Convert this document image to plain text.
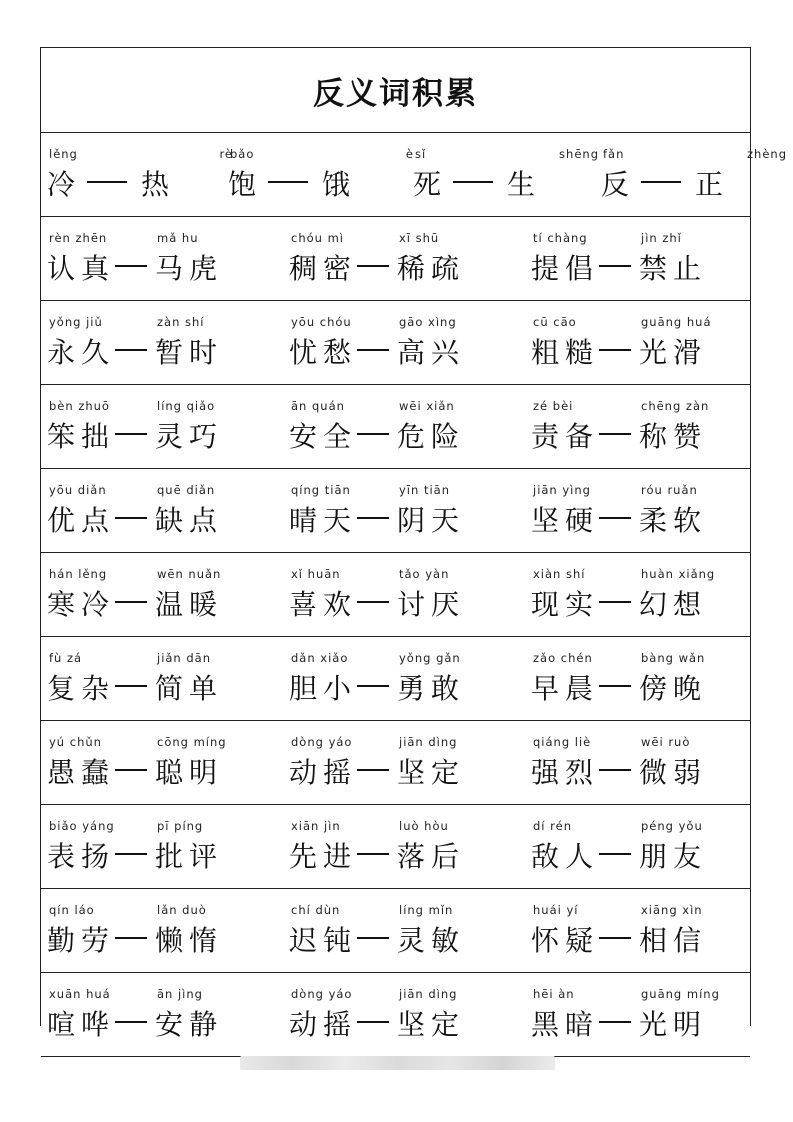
反义词积累
lěng
冷
rè
热
bǎo
饱
è
饿
sǐ
死
shēng
生
fǎn
反
zhèng
正
rèn zhēn
认真
mǎ hu
马虎
chóu mì
稠密
xī shū
稀疏
tí chàng
提倡
jìn zhǐ
禁止
yǒng jiǔ
永久
zàn shí
暂时
yōu chóu
忧愁
gāo xìng
高兴
cū cāo
粗糙
guāng huá
光滑
bèn zhuō
笨拙
líng qiǎo
灵巧
ān quán
安全
wēi xiǎn
危险
zé bèi
责备
chēng zàn
称赞
yōu diǎn
优点
quē diǎn
缺点
qíng tiān
晴天
yīn tiān
阴天
jiān yìng
坚硬
róu ruǎn
柔软
hán lěng
寒冷
wēn nuǎn
温暖
xǐ huān
喜欢
tǎo yàn
讨厌
xiàn shí
现实
huàn xiǎng
幻想
fù zá
复杂
jiǎn dān
简单
dǎn xiǎo
胆小
yǒng gǎn
勇敢
zǎo chén
早晨
bàng wǎn
傍晚
yú chǔn
愚蠢
cōng míng
聪明
dòng yáo
动摇
jiān dìng
坚定
qiáng liè
强烈
wēi ruò
微弱
biǎo yáng
表扬
pī píng
批评
xiān jìn
先进
luò hòu
落后
dí rén
敌人
péng yǒu
朋友
qín láo
勤劳
lǎn duò
懒惰
chí dùn
迟钝
líng mǐn
灵敏
huái yí
怀疑
xiāng xìn
相信
xuān huá
喧哗
ān jìng
安静
dòng yáo
动摇
jiān dìng
坚定
hēi àn
黑暗
guāng míng
光明
